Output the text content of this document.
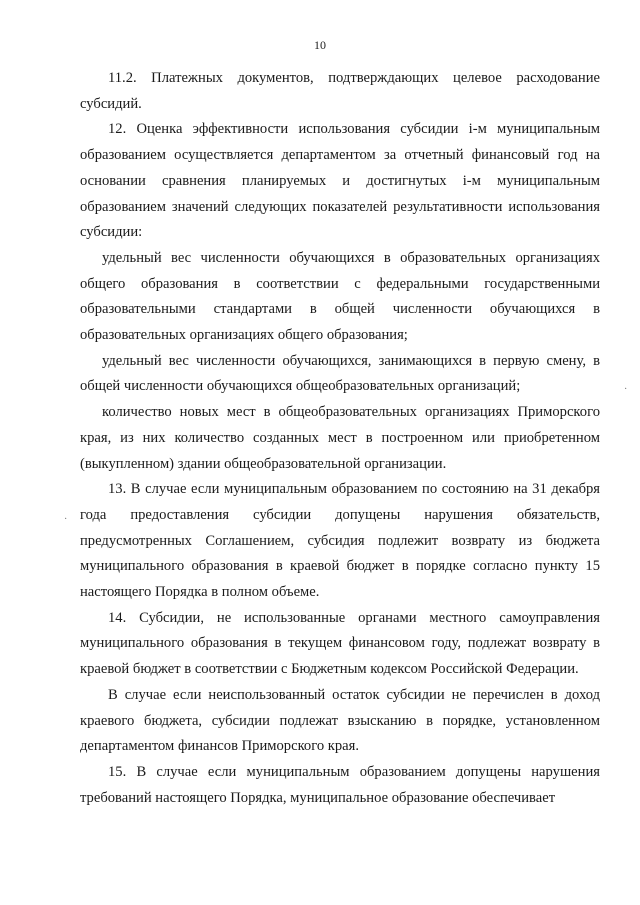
10

11.2. Платежных документов, подтверждающих целевое расходование субсидий.

12. Оценка эффективности использования субсидии i-м муниципальным образованием осуществляется департаментом за отчетный финансовый год на основании сравнения планируемых и достигнутых i-м муниципальным образованием значений следующих показателей результативности использования субсидии:

удельный вес численности обучающихся в образовательных организациях общего образования в соответствии с федеральными государственными образовательными стандартами в общей численности обучающихся в образовательных организациях общего образования;

удельный вес численности обучающихся, занимающихся в первую смену, в общей численности обучающихся общеобразовательных организаций;

количество новых мест в общеобразовательных организациях Приморского края, из них количество созданных мест в построенном или приобретенном (выкупленном) здании общеобразовательной организации.

13. В случае если муниципальным образованием по состоянию на 31 декабря года предоставления субсидии допущены нарушения обязательств, предусмотренных Соглашением, субсидия подлежит возврату из бюджета муниципального образования в краевой бюджет в порядке согласно пункту 15 настоящего Порядка в полном объеме.

14. Субсидии, не использованные органами местного самоуправления муниципального образования в текущем финансовом году, подлежат возврату в краевой бюджет в соответствии с Бюджетным кодексом Российской Федерации.

В случае если неиспользованный остаток субсидии не перечислен в доход краевого бюджета, субсидии подлежат взысканию в порядке, установленном департаментом финансов Приморского края.

15. В случае если муниципальным образованием допущены нарушения требований настоящего Порядка, муниципальное образование обеспечивает

·
·
